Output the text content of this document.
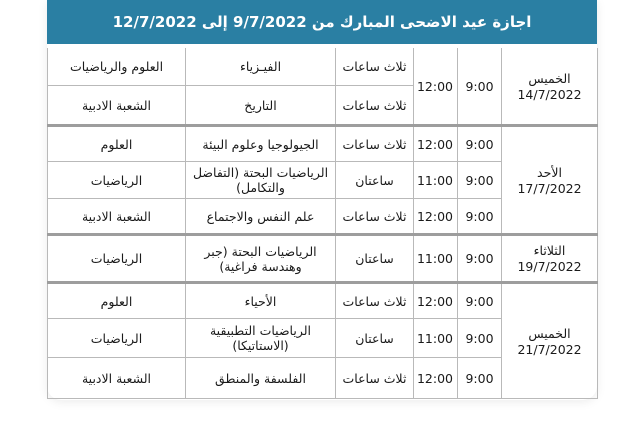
اجازة عيد الاضحى المبارك من 9/7/2022 إلى 12/7/2022
الخميس
14/7/2022	9:00	12:00	ثلاث ساعات	الفيـزياء	العلوم والرياضيات
			ثلاث ساعات	التاريخ	الشعبة الادبية

الأحد
17/7/2022	9:00	12:00	ثلاث ساعات	الجيولوجيا وعلوم البيئة	العلوم
	9:00	11:00	ساعتان	الرياضيات البحتة (التفاضل والتكامل)	الرياضيات
	9:00	12:00	ثلاث ساعات	علم النفس والاجتماع	الشعبة الادبية

الثلاثاء
19/7/2022	9:00	11:00	ساعتان	الرياضيات البحتة (جبر وهندسة فراغية)	الرياضيات

الخميس
21/7/2022	9:00	12:00	ثلاث ساعات	الأحياء	العلوم
	9:00	11:00	ساعتان	الرياضيات التطبيقية (الاستاتيكا)	الرياضيات
	9:00	12:00	ثلاث ساعات	الفلسفة والمنطق	الشعبة الادبية
